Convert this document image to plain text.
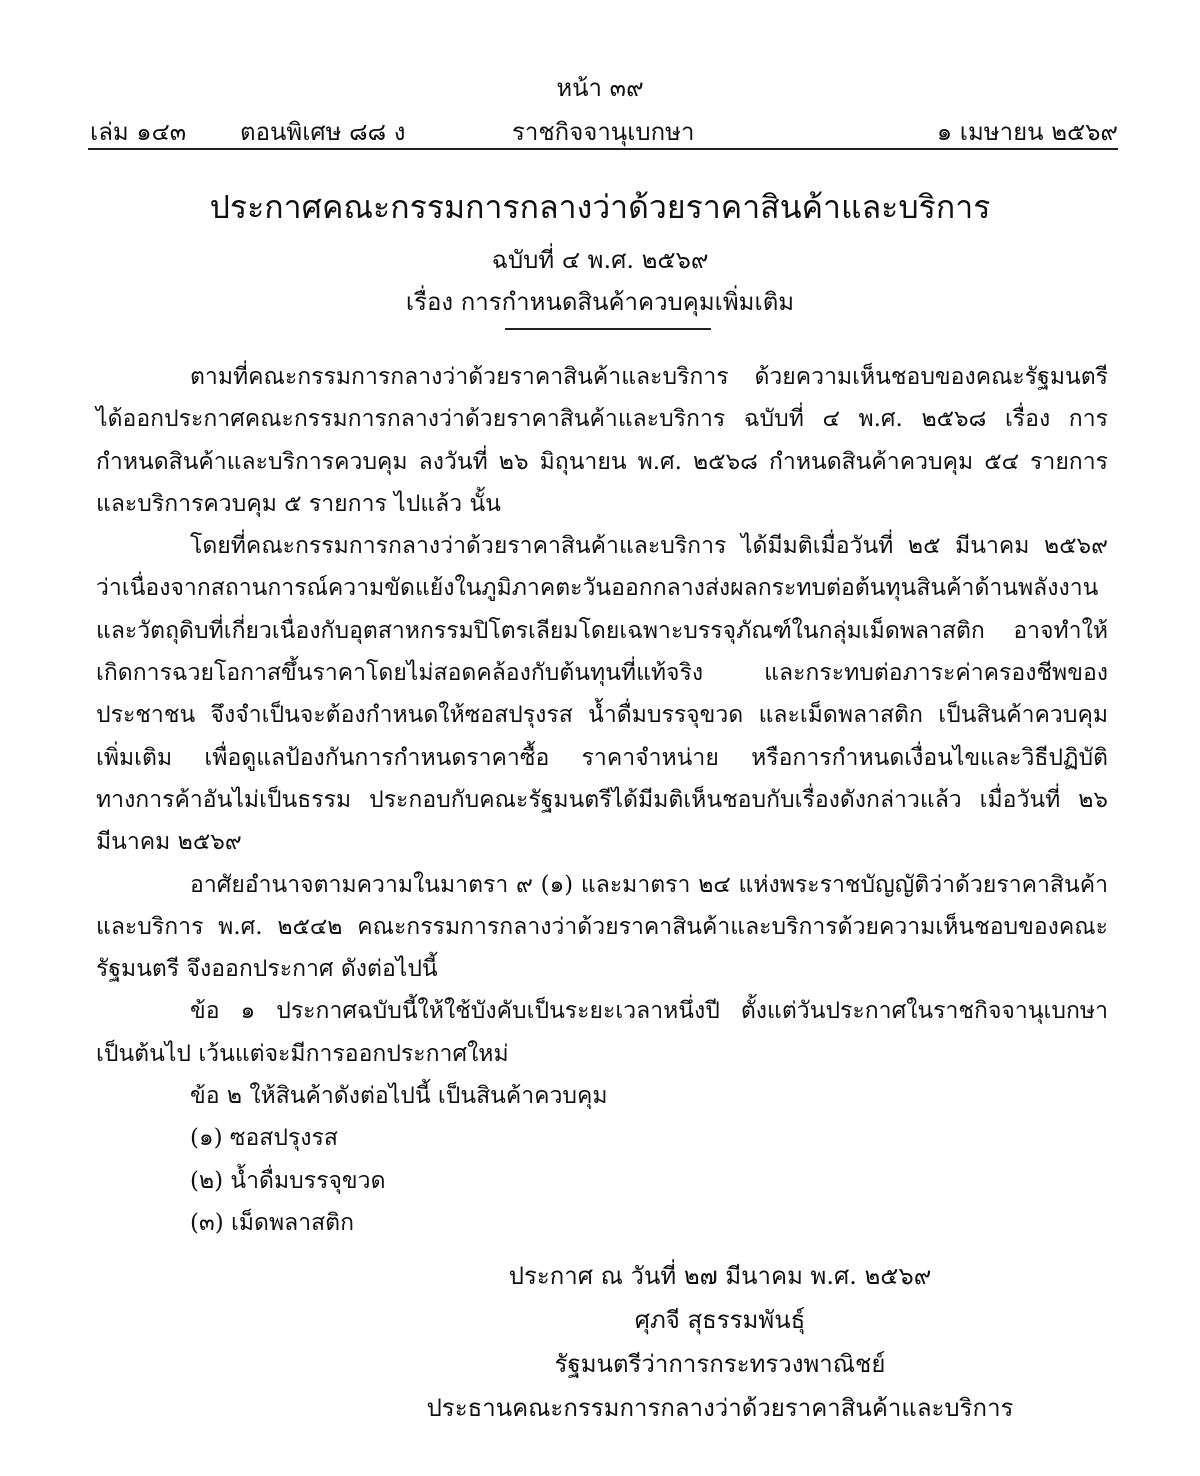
หน้า ๓๙
เล่ม ๑๔๓ ตอนพิเศษ ๘๘ ง	ราชกิจจานุเบกษา	๑ เมษายน ๒๕๖๙
ประกาศคณะกรรมการกลางว่าด้วยราคาสินค้าและบริการ
ฉบับที่ ๔ พ.ศ. ๒๕๖๙
เรื่อง การกำหนดสินค้าควบคุมเพิ่มเติม

ตามที่คณะกรรมการกลางว่าด้วยราคาสินค้าและบริการ ด้วยความเห็นชอบของคณะรัฐมนตรี ได้ออกประกาศคณะกรรมการกลางว่าด้วยราคาสินค้าและบริการ ฉบับที่ ๔ พ.ศ. ๒๕๖๘ เรื่อง การกำหนดสินค้าและบริการควบคุม ลงวันที่ ๒๖ มิถุนายน พ.ศ. ๒๕๖๘ กำหนดสินค้าควบคุม ๕๔ รายการ และบริการควบคุม ๕ รายการ ไปแล้ว นั้น

โดยที่คณะกรรมการกลางว่าด้วยราคาสินค้าและบริการ ได้มีมติเมื่อวันที่ ๒๕ มีนาคม ๒๕๖๙ ว่าเนื่องจากสถานการณ์ความขัดแย้งในภูมิภาคตะวันออกกลางส่งผลกระทบต่อต้นทุนสินค้าด้านพลังงาน และวัตถุดิบที่เกี่ยวเนื่องกับอุตสาหกรรมปิโตรเลียมโดยเฉพาะบรรจุภัณฑ์ในกลุ่มเม็ดพลาสติก อาจทำให้เกิดการฉวยโอกาสขึ้นราคาโดยไม่สอดคล้องกับต้นทุนที่แท้จริง และกระทบต่อภาระค่าครองชีพของประชาชน จึงจำเป็นจะต้องกำหนดให้ซอสปรุงรส น้ำดื่มบรรจุขวด และเม็ดพลาสติก เป็นสินค้าควบคุมเพิ่มเติม เพื่อดูแลป้องกันการกำหนดราคาซื้อ ราคาจำหน่าย หรือการกำหนดเงื่อนไขและวิธีปฏิบัติทางการค้าอันไม่เป็นธรรม ประกอบกับคณะรัฐมนตรีได้มีมติเห็นชอบกับเรื่องดังกล่าวแล้ว เมื่อวันที่ ๒๖ มีนาคม ๒๕๖๙

อาศัยอำนาจตามความในมาตรา ๙ (๑) และมาตรา ๒๔ แห่งพระราชบัญญัติว่าด้วยราคาสินค้าและบริการ พ.ศ. ๒๕๔๒ คณะกรรมการกลางว่าด้วยราคาสินค้าและบริการด้วยความเห็นชอบของคณะรัฐมนตรี จึงออกประกาศ ดังต่อไปนี้

ข้อ ๑ ประกาศฉบับนี้ให้ใช้บังคับเป็นระยะเวลาหนึ่งปี ตั้งแต่วันประกาศในราชกิจจานุเบกษาเป็นต้นไป เว้นแต่จะมีการออกประกาศใหม่

ข้อ ๒ ให้สินค้าดังต่อไปนี้ เป็นสินค้าควบคุม

(๑) ซอสปรุงรส

(๒) น้ำดื่มบรรจุขวด

(๓) เม็ดพลาสติก

ประกาศ ณ วันที่ ๒๗ มีนาคม พ.ศ. ๒๕๖๙
ศุภจี สุธรรมพันธุ์
รัฐมนตรีว่าการกระทรวงพาณิชย์
ประธานคณะกรรมการกลางว่าด้วยราคาสินค้าและบริการ
